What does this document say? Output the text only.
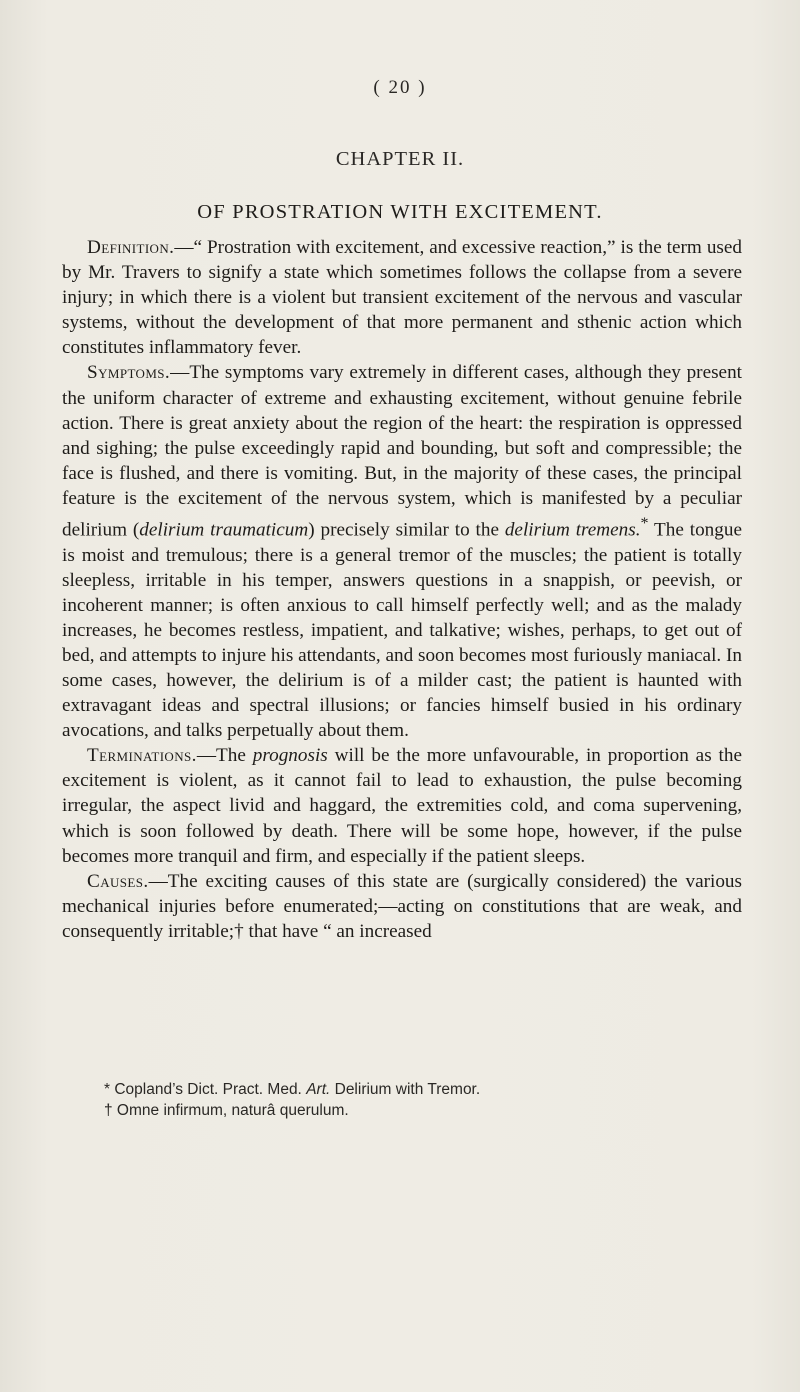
( 20 )
CHAPTER II.
OF PROSTRATION WITH EXCITEMENT.

Definition.—“ Prostration with excitement, and excessive reaction,” is the term used by Mr. Travers to signify a state which sometimes follows the collapse from a severe injury; in which there is a violent but transient excitement of the nervous and vascular systems, without the development of that more permanent and sthenic action which constitutes inflammatory fever.

Symptoms.—The symptoms vary extremely in different cases, although they present the uniform character of extreme and exhausting excitement, without genuine febrile action. There is great anxiety about the region of the heart: the respiration is oppressed and sighing; the pulse exceedingly rapid and bounding, but soft and compressible; the face is flushed, and there is vomiting. But, in the majority of these cases, the principal feature is the excitement of the nervous system, which is manifested by a peculiar delirium (delirium traumaticum) precisely similar to the delirium tremens.* The tongue is moist and tremulous; there is a general tremor of the muscles; the patient is totally sleepless, irritable in his temper, answers questions in a snappish, or peevish, or incoherent manner; is often anxious to call himself perfectly well; and as the malady increases, he becomes restless, impatient, and talkative; wishes, perhaps, to get out of bed, and attempts to injure his attendants, and soon becomes most furiously maniacal. In some cases, however, the delirium is of a milder cast; the patient is haunted with extravagant ideas and spectral illusions; or fancies himself busied in his ordinary avocations, and talks perpetually about them.

Terminations.—The prognosis will be the more unfavourable, in proportion as the excitement is violent, as it cannot fail to lead to exhaustion, the pulse becoming irregular, the aspect livid and haggard, the extremities cold, and coma supervening, which is soon followed by death. There will be some hope, however, if the pulse becomes more tranquil and firm, and especially if the patient sleeps.

Causes.—The exciting causes of this state are (surgically considered) the various mechanical injuries before enumerated;—acting on constitutions that are weak, and consequently irritable;† that have “ an increased

* Copland’s Dict. Pract. Med. Art. Delirium with Tremor.

† Omne infirmum, naturâ querulum.
